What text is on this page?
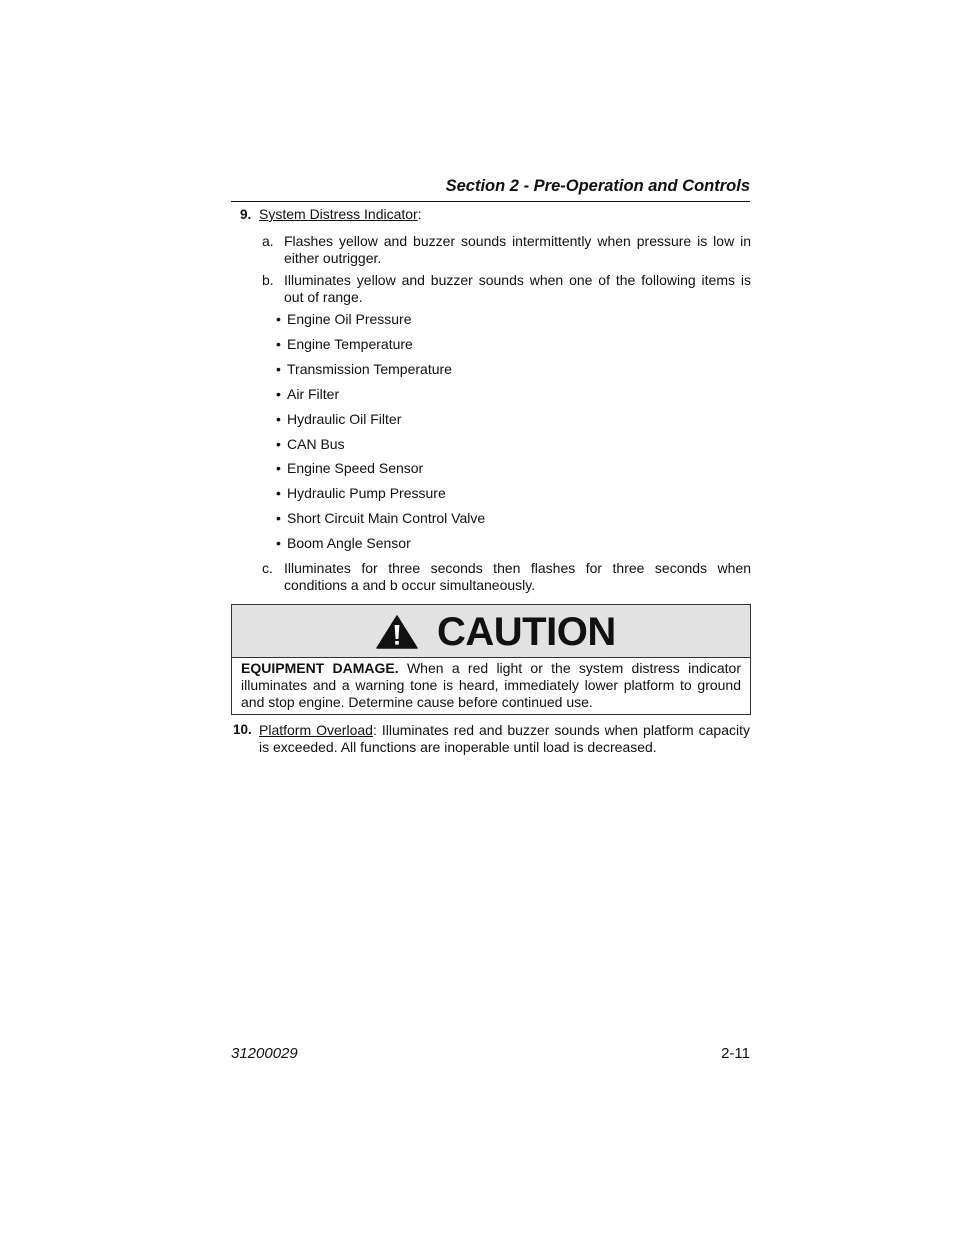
Section 2 - Pre-Operation and Controls
9. System Distress Indicator:
a. Flashes yellow and buzzer sounds intermittently when pressure is low in either outrigger.
b. Illuminates yellow and buzzer sounds when one of the following items is out of range.
• Engine Oil Pressure
• Engine Temperature
• Transmission Temperature
• Air Filter
• Hydraulic Oil Filter
• CAN Bus
• Engine Speed Sensor
• Hydraulic Pump Pressure
• Short Circuit Main Control Valve
• Boom Angle Sensor
c. Illuminates for three seconds then flashes for three seconds when conditions a and b occur simultaneously.
CAUTION
EQUIPMENT DAMAGE. When a red light or the system distress indicator illuminates and a warning tone is heard, immediately lower platform to ground and stop engine. Determine cause before continued use.
10. Platform Overload: Illuminates red and buzzer sounds when platform capacity is exceeded. All functions are inoperable until load is decreased.
31200029	2-11
